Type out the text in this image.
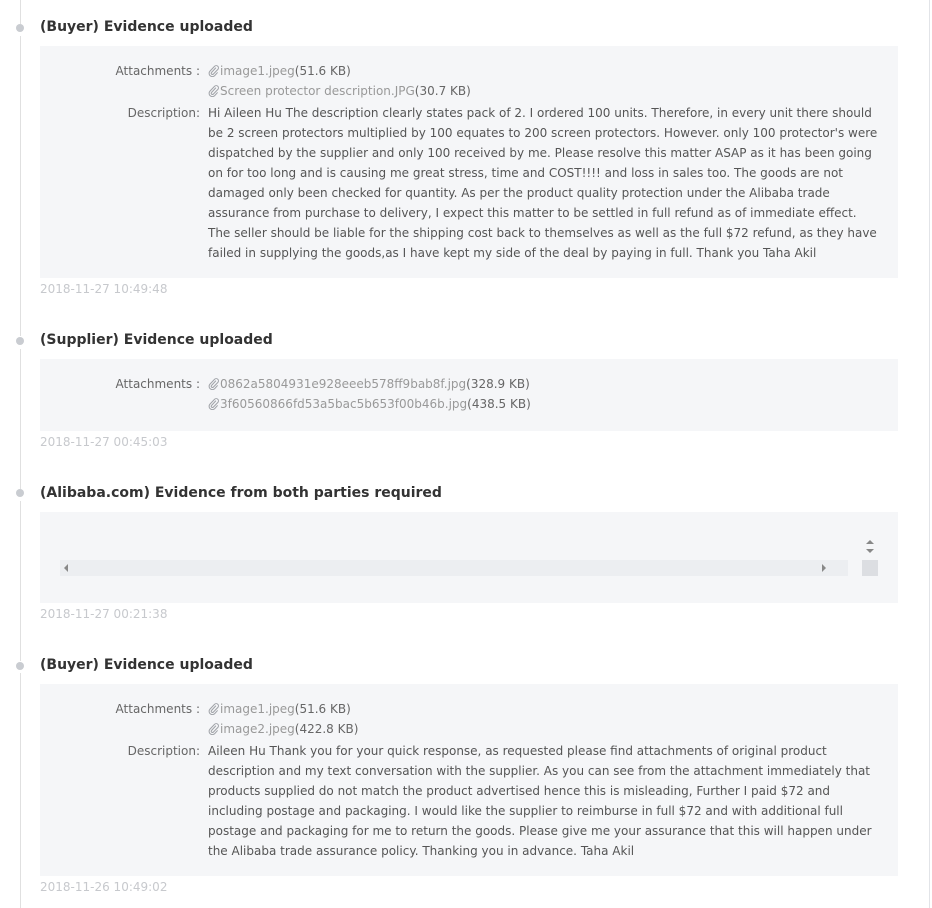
(Buyer) Evidence uploaded
Attachments :	image1.jpeg(51.6 KB)
Screen protector description.JPG(30.7 KB)
Description: Hi Aileen Hu The description clearly states pack of 2. I ordered 100 units. Therefore, in every unit there should be 2 screen protectors multiplied by 100 equates to 200 screen protectors. However. only 100 protector's were dispatched by the supplier and only 100 received by me. Please resolve this matter ASAP as it has been going on for too long and is causing me great stress, time and COST!!!! and loss in sales too. The goods are not damaged only been checked for quantity. As per the product quality protection under the Alibaba trade assurance from purchase to delivery, I expect this matter to be settled in full refund as of immediate effect. The seller should be liable for the shipping cost back to themselves as well as the full $72 refund, as they have failed in supplying the goods,as I have kept my side of the deal by paying in full. Thank you Taha Akil
2018-11-27 10:49:48
(Supplier) Evidence uploaded
Attachments :	0862a5804931e928eeeb578ff9bab8f.jpg(328.9 KB)
3f60560866fd53a5bac5b653f00b46b.jpg(438.5 KB)
2018-11-27 00:45:03
(Alibaba.com) Evidence from both parties required
2018-11-27 00:21:38
(Buyer) Evidence uploaded
Attachments :	image1.jpeg(51.6 KB)
image2.jpeg(422.8 KB)
Description: Aileen Hu Thank you for your quick response, as requested please find attachments of original product description and my text conversation with the supplier. As you can see from the attachment immediately that products supplied do not match the product advertised hence this is misleading, Further I paid $72 and including postage and packaging. I would like the supplier to reimburse in full $72 and with additional full postage and packaging for me to return the goods. Please give me your assurance that this will happen under the Alibaba trade assurance policy. Thanking you in advance. Taha Akil
2018-11-26 10:49:02
